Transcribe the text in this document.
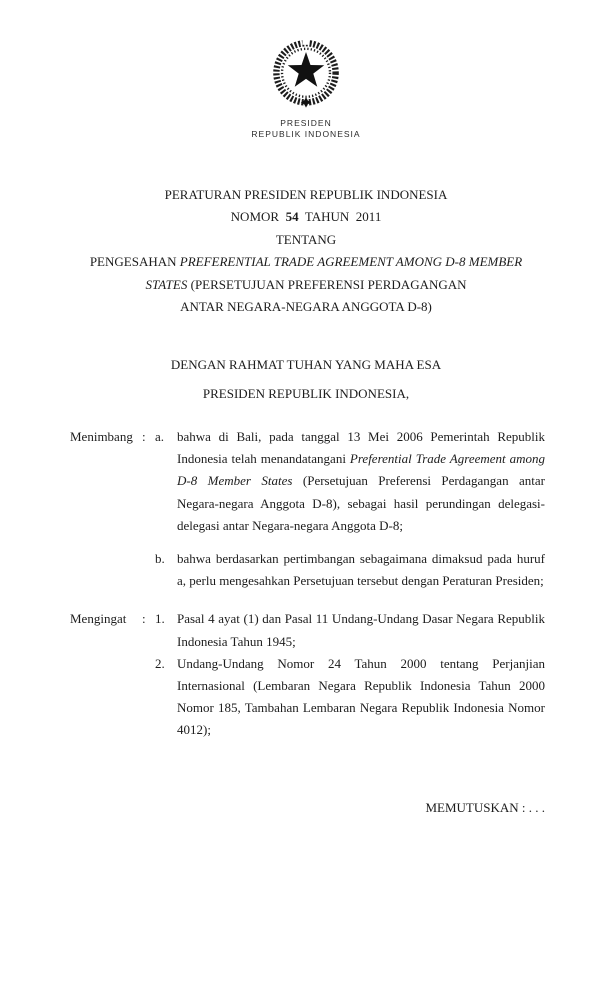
PRESIDEN
REPUBLIK INDONESIA
PERATURAN PRESIDEN REPUBLIK INDONESIA
NOMOR  54  TAHUN  2011
TENTANG
PENGESAHAN PREFERENTIAL TRADE AGREEMENT AMONG D-8 MEMBER
STATES (PERSETUJUAN PREFERENSI PERDAGANGAN
ANTAR NEGARA-NEGARA ANGGOTA D-8)
DENGAN RAHMAT TUHAN YANG MAHA ESA
PRESIDEN REPUBLIK INDONESIA,
Menimbang : a. bahwa di Bali, pada tanggal 13 Mei 2006 Pemerintah Republik Indonesia telah menandatangani Preferential Trade Agreement among D-8 Member States (Persetujuan Preferensi Perdagangan antar Negara-negara Anggota D-8), sebagai hasil perundingan delegasi-delegasi antar Negara-negara Anggota D-8;
b. bahwa berdasarkan pertimbangan sebagaimana dimaksud pada huruf a, perlu mengesahkan Persetujuan tersebut dengan Peraturan Presiden;
Mengingat	: 1. Pasal 4 ayat (1) dan Pasal 11 Undang-Undang Dasar Negara Republik Indonesia Tahun 1945;
2. Undang-Undang Nomor 24 Tahun 2000 tentang Perjanjian Internasional (Lembaran Negara Republik Indonesia Tahun 2000 Nomor 185, Tambahan Lembaran Negara Republik Indonesia Nomor 4012);
MEMUTUSKAN : . . .
